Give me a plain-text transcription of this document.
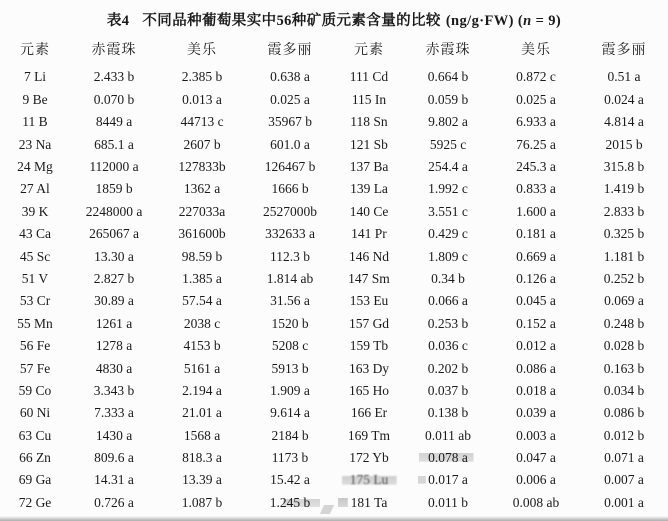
表4 不同品种葡萄果实中56种矿质元素含量的比较 (ng/g·FW) (n = 9)
元素	赤霞珠	美乐	霞多丽	元素	赤霞珠	美乐	霞多丽
7 Li	2.433 b	2.385 b	0.638 a	111 Cd	0.664 b	0.872 c	0.51 a
9 Be	0.070 b	0.013 a	0.025 a	115 In	0.059 b	0.025 a	0.024 a
11 B	8449 a	44713 c	35967 b	118 Sn	9.802 a	6.933 a	4.814 a
23 Na	685.1 a	2607 b	601.0 a	121 Sb	5925 c	76.25 a	2015 b
24 Mg	112000 a	127833b	126467 b	137 Ba	254.4 a	245.3 a	315.8 b
27 Al	1859 b	1362 a	1666 b	139 La	1.992 c	0.833 a	1.419 b
39 K	2248000 a	227033a	2527000b	140 Ce	3.551 c	1.600 a	2.833 b
43 Ca	265067 a	361600b	332633 a	141 Pr	0.429 c	0.181 a	0.325 b
45 Sc	13.30 a	98.59 b	112.3 b	146 Nd	1.809 c	0.669 a	1.181 b
51 V	2.827 b	1.385 a	1.814 ab	147 Sm	0.34 b	0.126 a	0.252 b
53 Cr	30.89 a	57.54 a	31.56 a	153 Eu	0.066 a	0.045 a	0.069 a
55 Mn	1261 a	2038 c	1520 b	157 Gd	0.253 b	0.152 a	0.248 b
56 Fe	1278 a	4153 b	5208 c	159 Tb	0.036 c	0.012 a	0.028 b
57 Fe	4830 a	5161 a	5913 b	163 Dy	0.202 b	0.086 a	0.163 b
59 Co	3.343 b	2.194 a	1.909 a	165 Ho	0.037 b	0.018 a	0.034 b
60 Ni	7.333 a	21.01 a	9.614 a	166 Er	0.138 b	0.039 a	0.086 b
63 Cu	1430 a	1568 a	2184 b	169 Tm	0.011 ab	0.003 a	0.012 b
66 Zn	809.6 a	818.3 a	1173 b	172 Yb	0.078 a	0.047 a	0.071 a
69 Ga	14.31 a	13.39 a	15.42 a	175 Lu	0.017 a	0.006 a	0.007 a
72 Ge	0.726 a	1.087 b	1.245 b	181 Ta	0.011 b	0.008 ab	0.001 a
